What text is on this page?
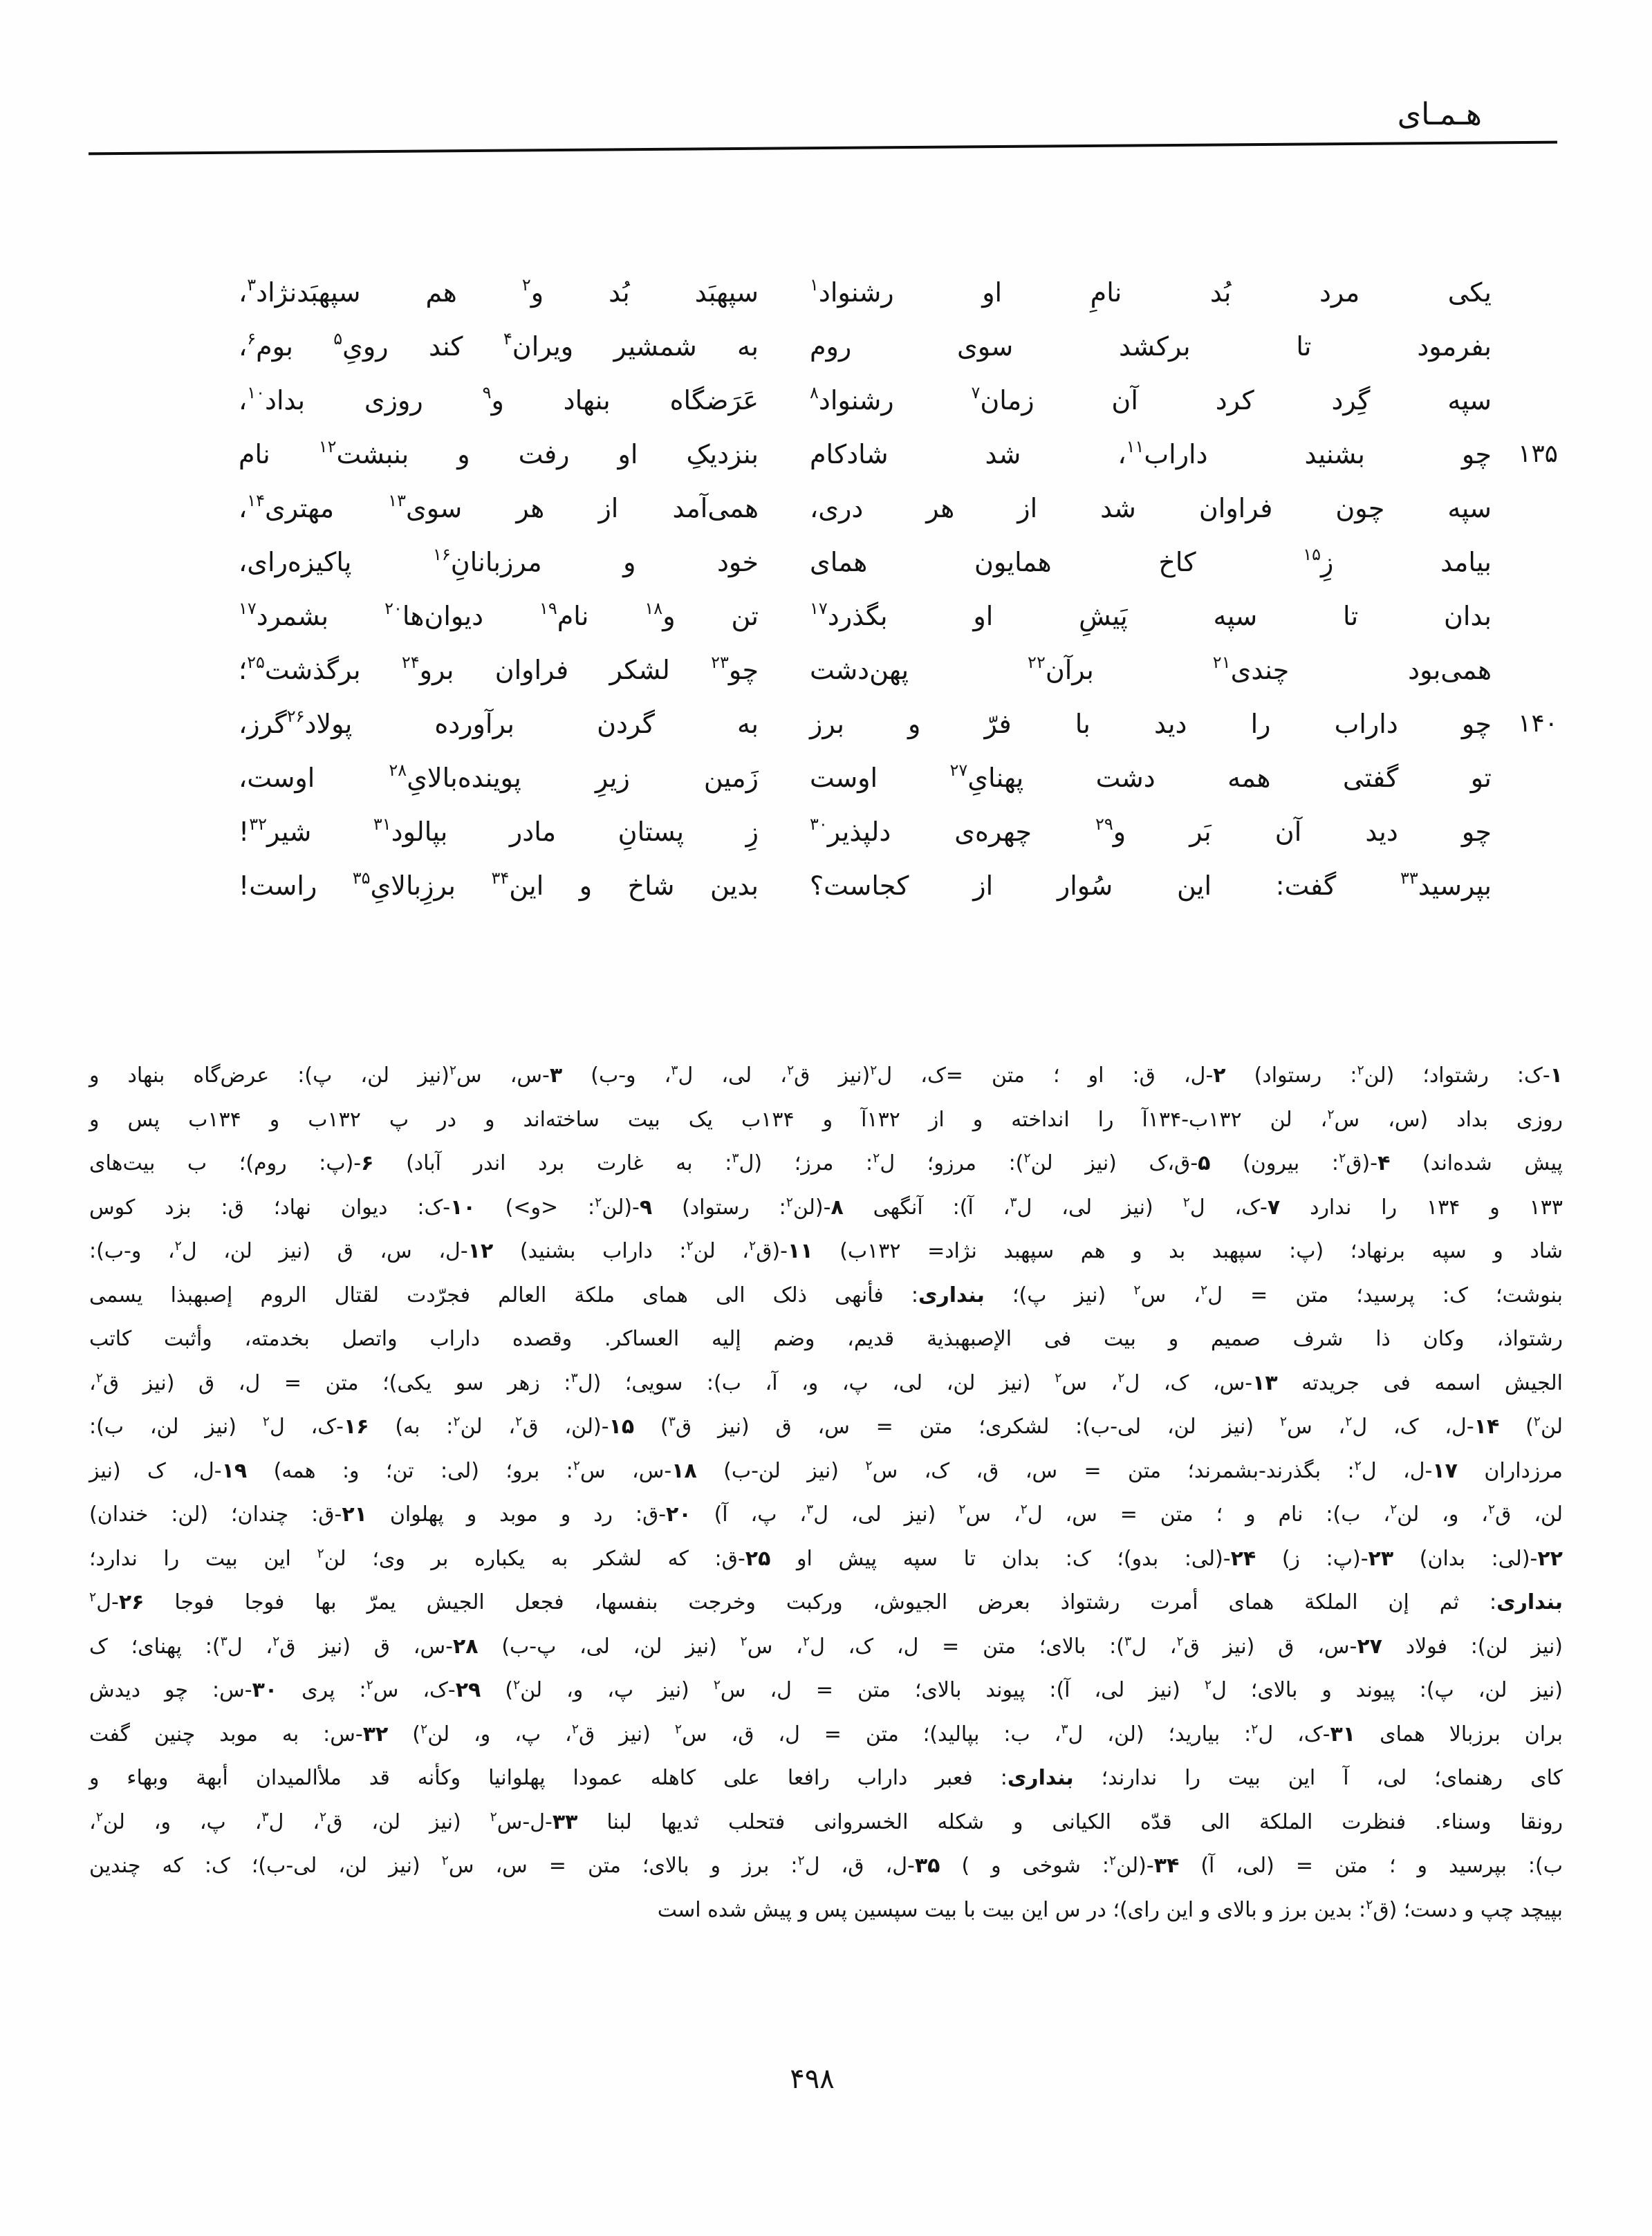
هـمـای
یکی مرد بُد نامِ او رشنواد$^۱$
سپهبَد بُد و$^۲$ هم سپهبَدنژاد$^۳$،
بفرمود تا برکشد سوی روم
به شمشیر ویران$^۴$ کند رویِ$^۵$ بوم$^۶$،
سپه گِرد کرد آن زمان$^۷$ رشنواد$^۸$
عَرَضگاه بنهاد و$^۹$ روزی بداد$^{۱۰}$،
۱۳۵
چو بشنید داراب$^{۱۱}$، شد شادکام
بنزدیکِ او رفت و بنبشت$^{۱۲}$ نام
سپه چون فراوان شد از هر دری،
همی‌آمد از هر سوی$^{۱۳}$ مهتری$^{۱۴}$،
بیامد زِ$^{۱۵}$ کاخ همایون همای
خود و مرزبانانِ$^{۱۶}$ پاکیزه‌رای،
بدان تا سپه پَیشِ او بگذرد$^{۱۷}$
تن و$^{۱۸}$ نام$^{۱۹}$ دیوان‌ها$^{۲۰}$ بشمرد$^{۱۷}$
همی‌بود چندی$^{۲۱}$ برآن$^{۲۲}$ پهن‌دشت
چو$^{۲۳}$ لشکر فراوان برو$^{۲۴}$ برگذشت$^{۲۵}$؛
۱۴۰
چو داراب را دید با فرّ و برز
به گردن برآورده پولاد$^{۲۶}$گرز،
تو گفتی همه دشت پهنایِ$^{۲۷}$ اوست
زَمین زیرِ پوینده‌بالایِ$^{۲۸}$ اوست،
چو دید آن بَر و$^{۲۹}$ چهره‌ی دلپذیر$^{۳۰}$
زِ پستانِ مادر بپالود$^{۳۱}$ شیر$^{۳۲}$!
بپرسید$^{۳۳}$ گفت: این سُوار از کجاست؟
بدین شاخ و این$^{۳۴}$ برزِبالایِ$^{۳۵}$ راست!
۱-ک: رشتواد؛ (لن$^۲$: رستواد) ۲-ل، ق: او ؛ متن =ک، ل$^۲$(نیز ق$^۲$، لی، ل$^۳$، و-ب) ۳-س، س$^۲$(نیز لن، پ): عرض‌گاه بنهاد و
روزی بداد (س، س$^۲$، لن ۱۳۲ب-۱۳۴آ را انداخته و از ۱۳۲آ و ۱۳۴ب یک بیت ساخته‌اند و در پ ۱۳۲ب و ۱۳۴ب پس و
پیش شده‌اند) ۴-(ق$^۲$: بیرون) ۵-ق،ک (نیز لن$^۲$): مرزو؛ ل$^۲$: مرز؛ (ل$^۳$: به غارت برد اندر آباد) ۶-(پ: روم)؛ ب بیت‌های
۱۳۳ و ۱۳۴ را ندارد ۷-ک، ل$^۲$ (نیز لی، ل$^۳$، آ): آنگهی ۸-(لن$^۲$: رستواد) ۹-(لن$^۲$: <و>) ۱۰-ک: دیوان نهاد؛ ق: بزد کوس
شاد و سپه برنهاد؛ (پ: سپهبد بد و هم سپهبد نژاد= ۱۳۲ب) ۱۱-(ق$^۲$، لن$^۲$: داراب بشنید) ۱۲-ل، س، ق (نیز لن، ل$^۲$، و-ب):
بنوشت؛ ک: پرسید؛ متن = ل$^۲$، س$^۲$ (نیز پ)؛ بنداری: فأنهی ذلک الی همای ملکة العالم فجرّدت لقتال الروم إصبهبذا یسمی
رشتواذ، وکان ذا شرف صمیم و بیت فی الإصبهبذیة قدیم، وضم إلیه العساکر. وقصده داراب واتصل بخدمته، وأثبت کاتب
الجیش اسمه فی جریدته ۱۳-س، ک، ل$^۲$، س$^۲$ (نیز لن، لی، پ، و، آ، ب): سویی؛ (ل$^۳$: زهر سو یکی)؛ متن = ل، ق (نیز ق$^۲$،
لن$^۲$) ۱۴-ل، ک، ل$^۲$، س$^۲$ (نیز لن، لی-ب): لشکری؛ متن = س، ق (نیز ق$^۳$) ۱۵-(لن، ق$^۲$، لن$^۲$: به) ۱۶-ک، ل$^۲$ (نیز لن، ب):
مرزداران ۱۷-ل، ل$^۲$: بگذرند-بشمرند؛ متن = س، ق، ک، س$^۲$ (نیز لن-ب) ۱۸-س، س$^۲$: برو؛ (لی: تن؛ و: همه) ۱۹-ل، ک (نیز
لن، ق$^۲$، و، لن$^۲$، ب): نام و ؛ متن = س، ل$^۲$، س$^۲$ (نیز لی، ل$^۳$، پ، آ) ۲۰-ق: رد و موبد و پهلوان ۲۱-ق: چندان؛ (لن: خندان)
۲۲-(لی: بدان) ۲۳-(پ: ز) ۲۴-(لی: بدو)؛ ک: بدان تا سپه پیش او ۲۵-ق: که لشکر به یکباره بر وی؛ لن$^۲$ این بیت را ندارد؛
بنداری: ثم إن الملکة همای أمرت رشتواذ بعرض الجیوش، ورکبت وخرجت بنفسها، فجعل الجیش یمرّ بها فوجا فوجا ۲۶-ل$^۲$
(نیز لن): فولاد ۲۷-س، ق (نیز ق$^۲$، ل$^۳$): بالای؛ متن = ل، ک، ل$^۲$، س$^۲$ (نیز لن، لی، پ-ب) ۲۸-س، ق (نیز ق$^۲$، ل$^۳$): پهنای؛ ک
(نیز لن، پ): پیوند و بالای؛ ل$^۲$ (نیز لی، آ): پیوند بالای؛ متن = ل، س$^۲$ (نیز پ، و، لن$^۲$) ۲۹-ک، س$^۲$: پری ۳۰-س: چو دیدش
بران برزبالا همای ۳۱-ک، ل$^۲$: بیارید؛ (لن، ل$^۳$، ب: بپالید)؛ متن = ل، ق، س$^۲$ (نیز ق$^۲$، پ، و، لن$^۲$) ۳۲-س: به موبد چنین گفت
کای رهنمای؛ لی، آ این بیت را ندارند؛ بنداری: فعبر داراب رافعا علی کاهله عمودا پهلوانیا وکأنه قد ملأالمیدان أبهة وبهاء و
رونقا وسناء. فنظرت الملکة الی قدّه الکیانی و شکله الخسروانی فتحلب ثدیها لبنا ۳۳-ل-س$^۲$ (نیز لن، ق$^۲$، ل$^۳$، پ، و، لن$^۲$،
ب): بپرسید و ؛ متن = (لی، آ) ۳۴-(لن$^۲$: شوخی و ) ۳۵-ل، ق، ل$^۲$: برز و بالای؛ متن = س، س$^۲$ (نیز لن، لی-ب)؛ ک: که چندین
بپیچد چپ و دست؛ (ق$^۲$: بدین برز و بالای و این رای)؛ در س این بیت با بیت سپسین پس و پیش شده است
۴۹۸
